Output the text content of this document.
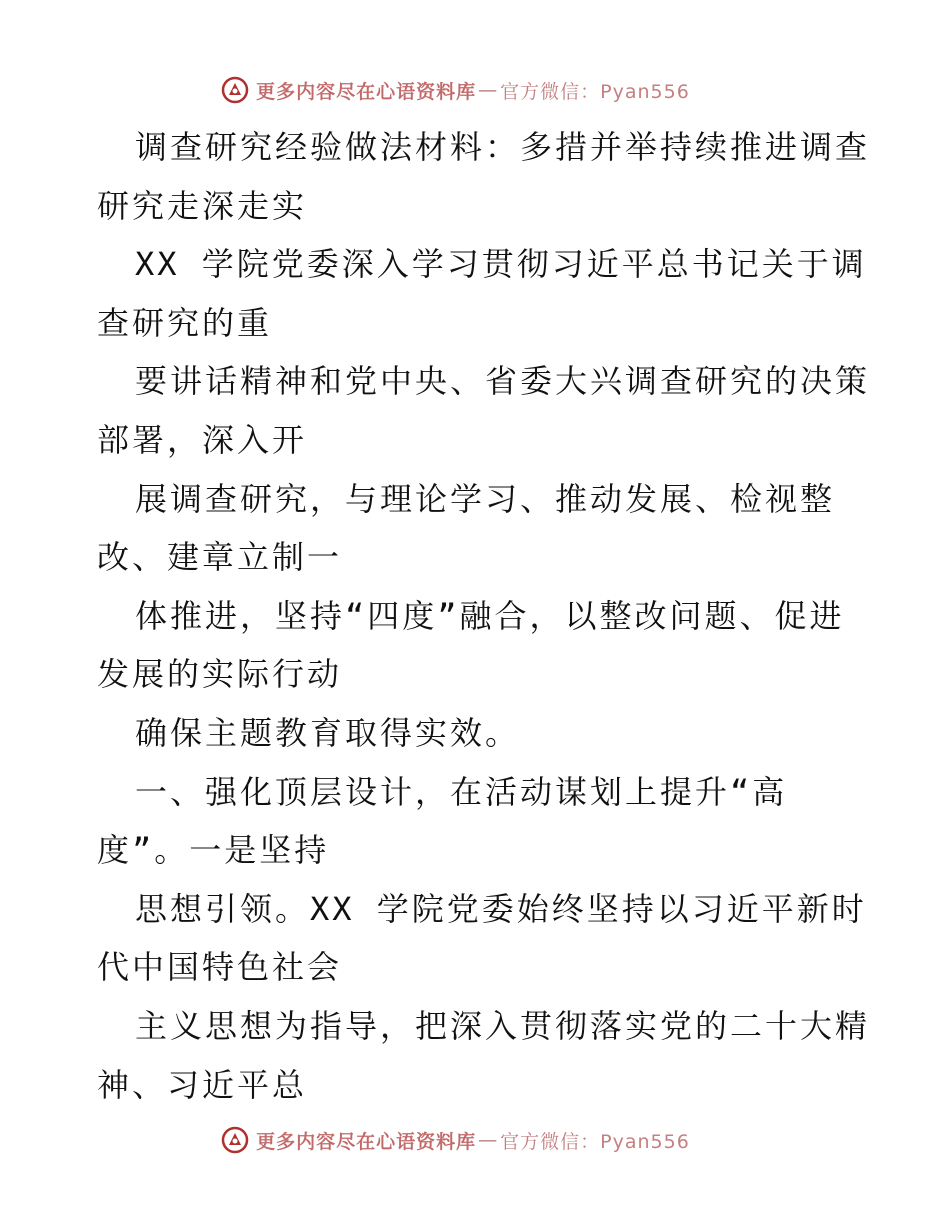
更多内容尽在心语资料库 — 官方微信：Pyan556

调查研究经验做法材料：多措并举持续推进调查研究走深走实

XX 学院党委深入学习贯彻习近平总书记关于调查研究的重

要讲话精神和党中央、省委大兴调查研究的决策部署，深入开

展调查研究，与理论学习、推动发展、检视整改、建章立制一

体推进，坚持“四度”融合，以整改问题、促进发展的实际行动

确保主题教育取得实效。

一、强化顶层设计，在活动谋划上提升“高度”。一是坚持

思想引领。XX 学院党委始终坚持以习近平新时代中国特色社会

主义思想为指导，把深入贯彻落实党的二十大精神、习近平总

更多内容尽在心语资料库 — 官方微信：Pyan556
